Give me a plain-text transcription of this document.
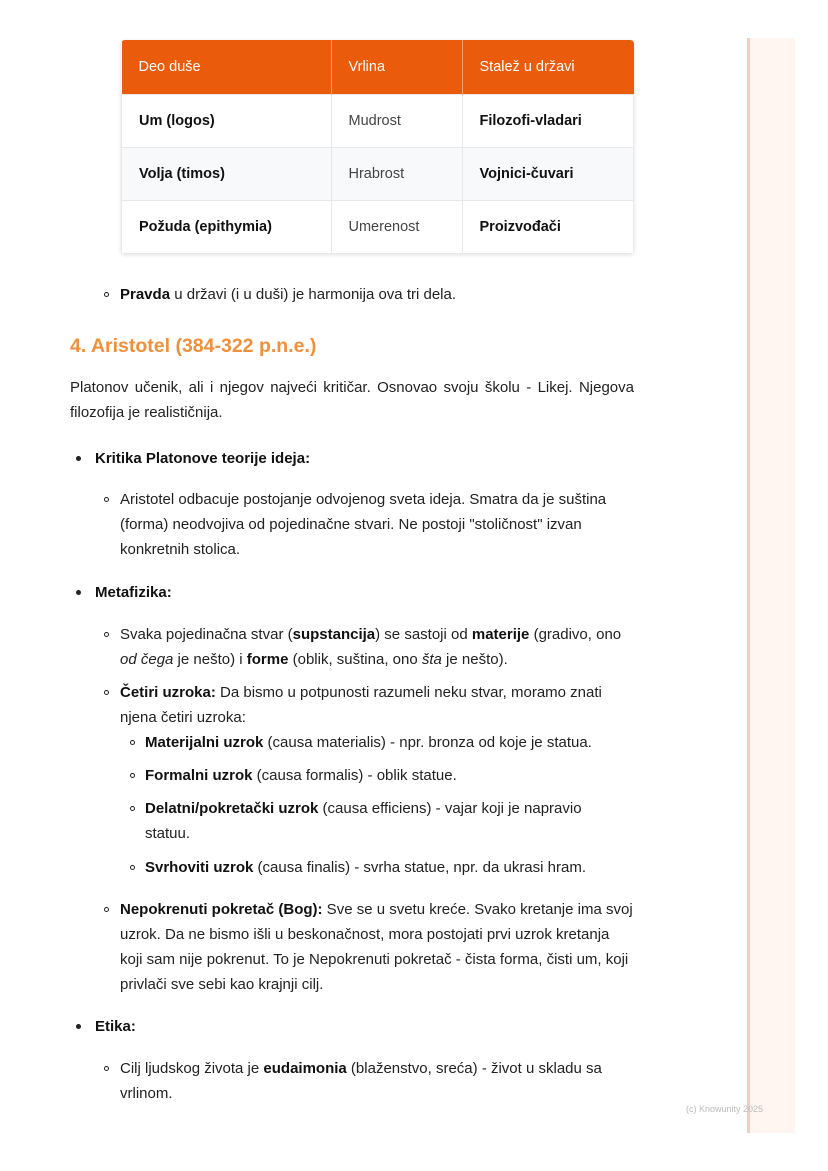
Deo duše	Vrlina	Stalež u državi
Um (logos)	Mudrost	Filozofi-vladari
Volja (timos)	Hrabrost	Vojnici-čuvari
Požuda (epithymia)	Umerenost	Proizvođači
Pravda u državi (i u duši) je harmonija ova tri dela.
4. Aristotel (384-322 p.n.e.)
Platonov učenik, ali i njegov najveći kritičar. Osnovao svoju školu - Likej. Njegova filozofija je realističnija.
Kritika Platonove teorije ideja:
Aristotel odbacuje postojanje odvojenog sveta ideja. Smatra da je suština (forma) neodvojiva od pojedinačne stvari. Ne postoji "stoličnost" izvan konkretnih stolica.
Metafizika:
Svaka pojedinačna stvar (supstancija) se sastoji od materije (gradivo, ono od čega je nešto) i forme (oblik, suština, ono šta je nešto).
Četiri uzroka: Da bismo u potpunosti razumeli neku stvar, moramo znati njena četiri uzroka:
Materijalni uzrok (causa materialis) - npr. bronza od koje je statua.
Formalni uzrok (causa formalis) - oblik statue.
Delatni/pokretački uzrok (causa efficiens) - vajar koji je napravio statuu.
Svrhoviti uzrok (causa finalis) - svrha statue, npr. da ukrasi hram.
Nepokrenuti pokretač (Bog): Sve se u svetu kreće. Svako kretanje ima svoj uzrok. Da ne bismo išli u beskonačnost, mora postojati prvi uzrok kretanja koji sam nije pokrenut. To je Nepokrenuti pokretač - čista forma, čisti um, koji privlači sve sebi kao krajnji cilj.
Etika:
Cilj ljudskog života je eudaimonia (blaženstvo, sreća) - život u skladu sa vrlinom.
(c) Knowunity 2025
